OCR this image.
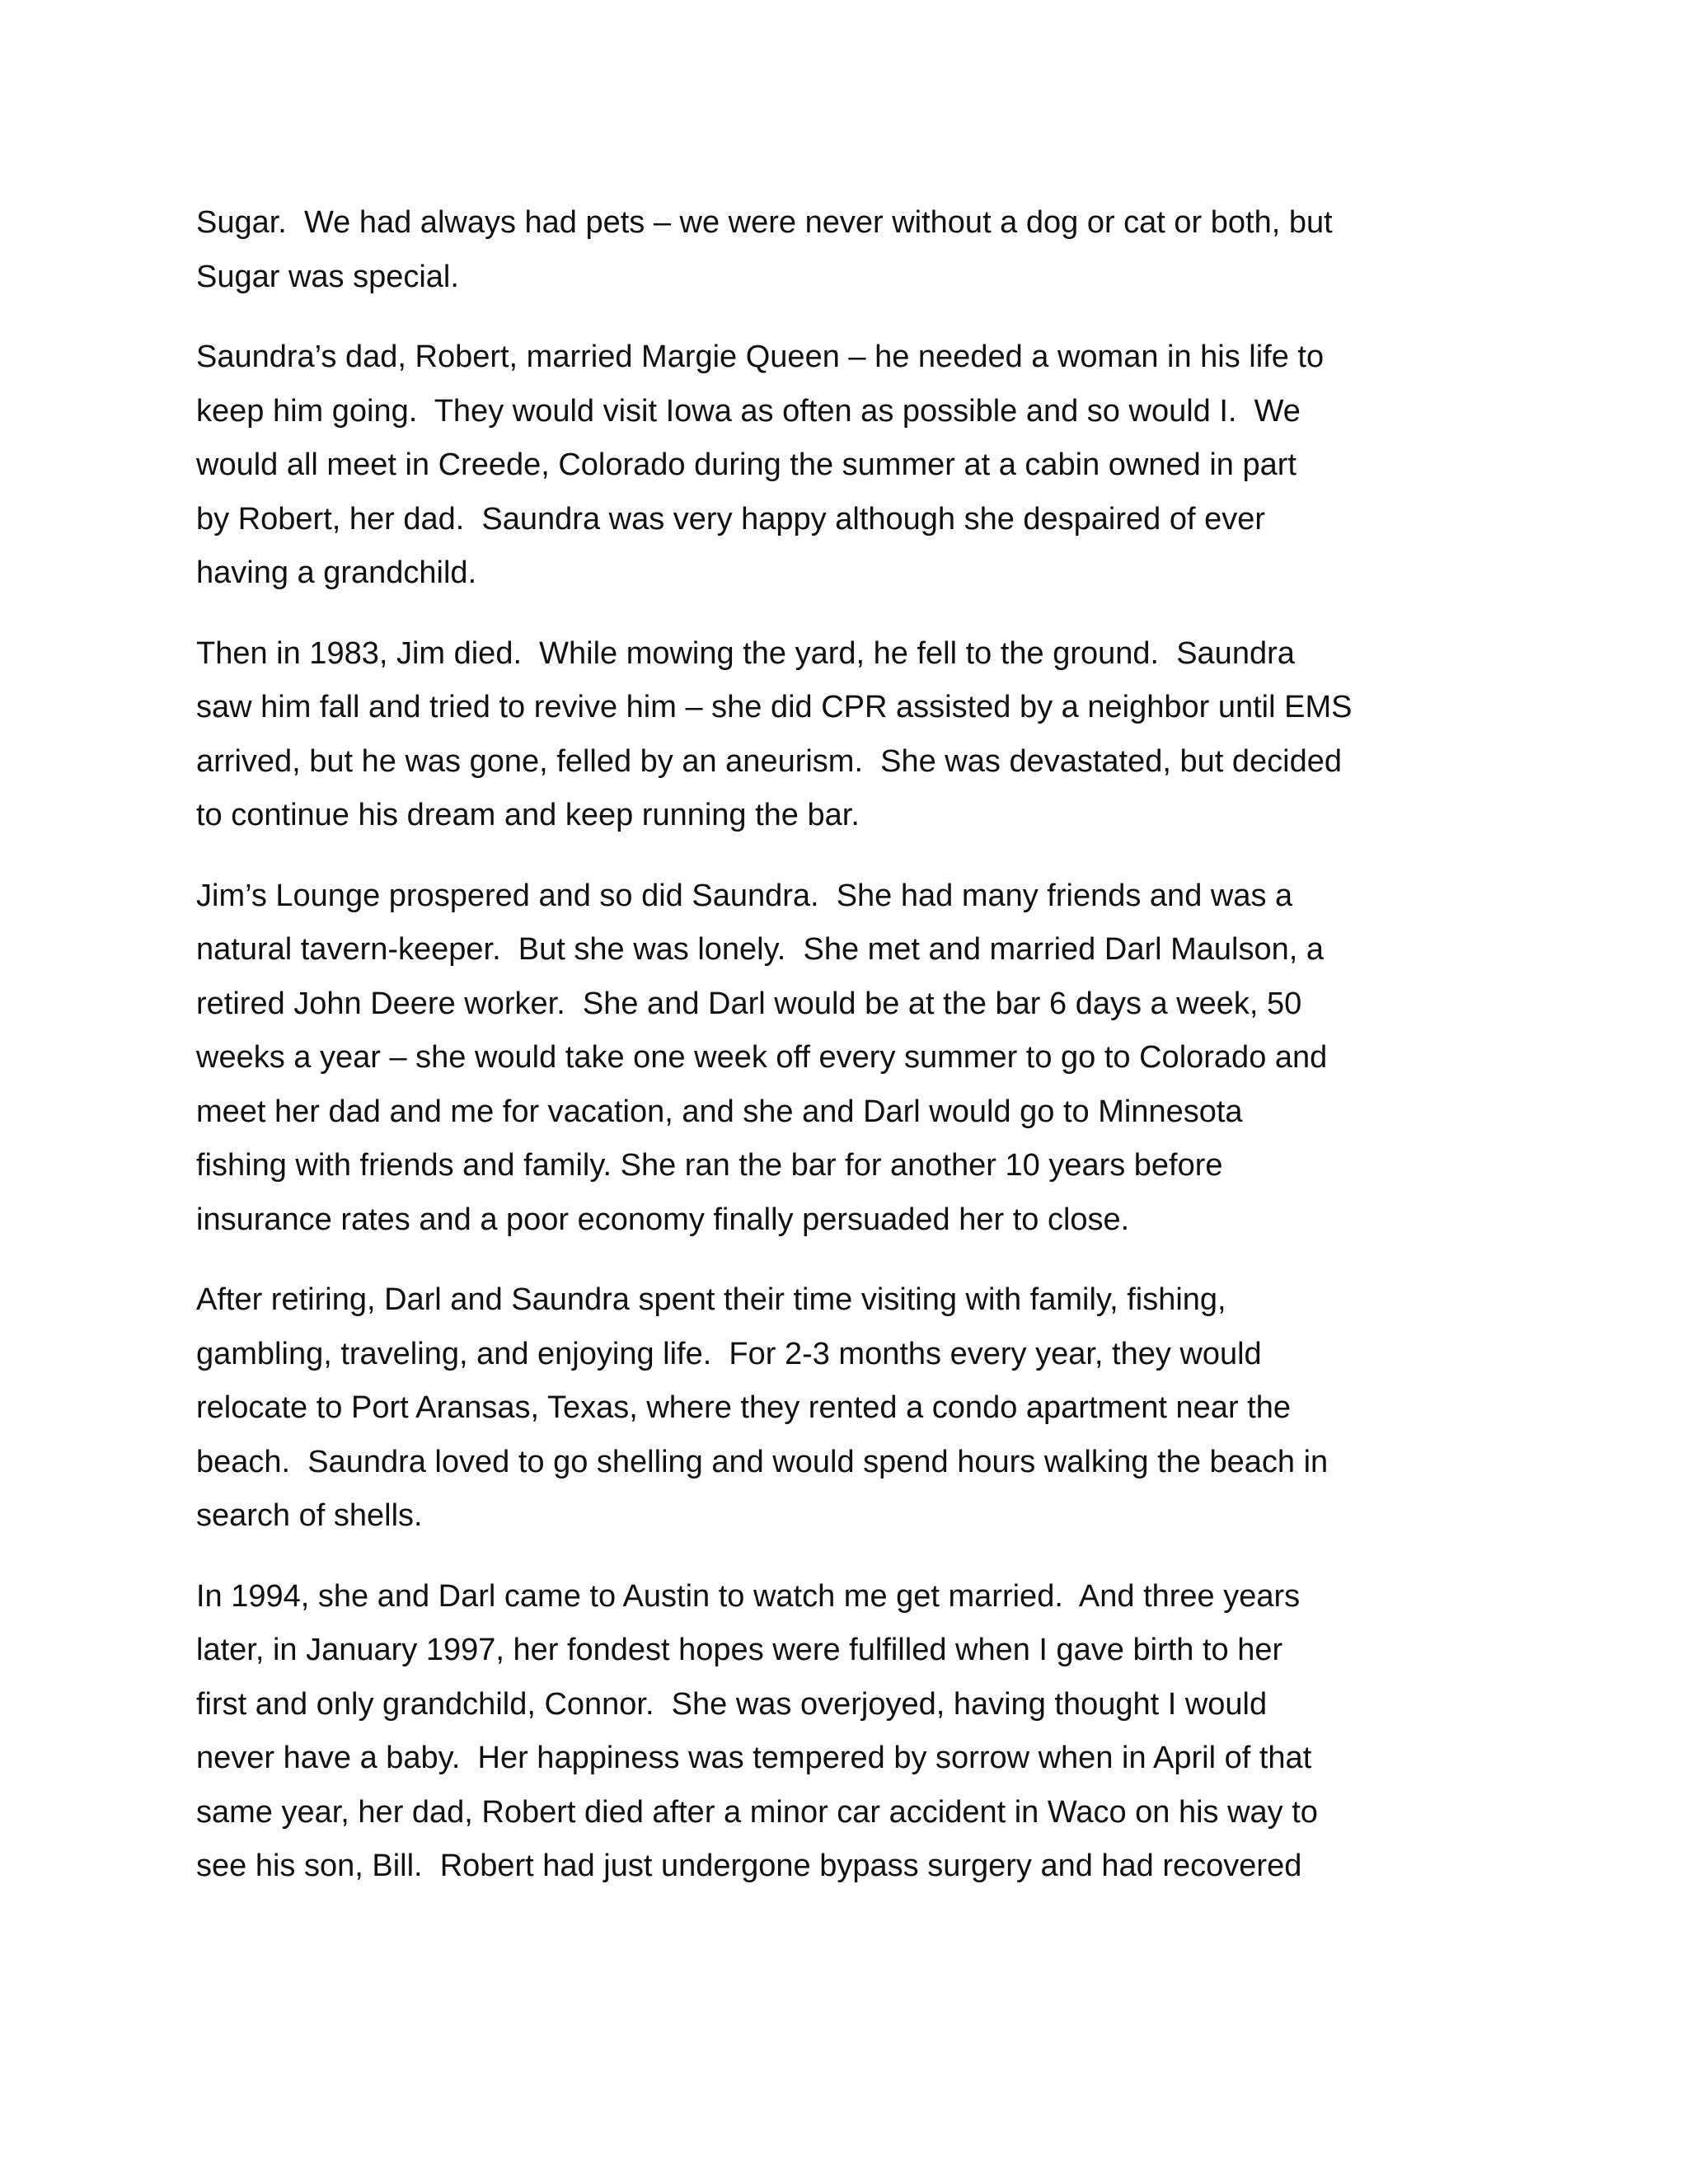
Sugar.  We had always had pets – we were never without a dog or cat or both, but
Sugar was special.

Saundra’s dad, Robert, married Margie Queen – he needed a woman in his life to
keep him going.  They would visit Iowa as often as possible and so would I.  We
would all meet in Creede, Colorado during the summer at a cabin owned in part
by Robert, her dad.  Saundra was very happy although she despaired of ever
having a grandchild.

Then in 1983, Jim died.  While mowing the yard, he fell to the ground.  Saundra
saw him fall and tried to revive him – she did CPR assisted by a neighbor until EMS
arrived, but he was gone, felled by an aneurism.  She was devastated, but decided
to continue his dream and keep running the bar.

Jim’s Lounge prospered and so did Saundra.  She had many friends and was a
natural tavern-keeper.  But she was lonely.  She met and married Darl Maulson, a
retired John Deere worker.  She and Darl would be at the bar 6 days a week, 50
weeks a year – she would take one week off every summer to go to Colorado and
meet her dad and me for vacation, and she and Darl would go to Minnesota
fishing with friends and family. She ran the bar for another 10 years before
insurance rates and a poor economy finally persuaded her to close.

After retiring, Darl and Saundra spent their time visiting with family, fishing,
gambling, traveling, and enjoying life.  For 2-3 months every year, they would
relocate to Port Aransas, Texas, where they rented a condo apartment near the
beach.  Saundra loved to go shelling and would spend hours walking the beach in
search of shells.

In 1994, she and Darl came to Austin to watch me get married.  And three years
later, in January 1997, her fondest hopes were fulfilled when I gave birth to her
first and only grandchild, Connor.  She was overjoyed, having thought I would
never have a baby.  Her happiness was tempered by sorrow when in April of that
same year, her dad, Robert died after a minor car accident in Waco on his way to
see his son, Bill.  Robert had just undergone bypass surgery and had recovered
